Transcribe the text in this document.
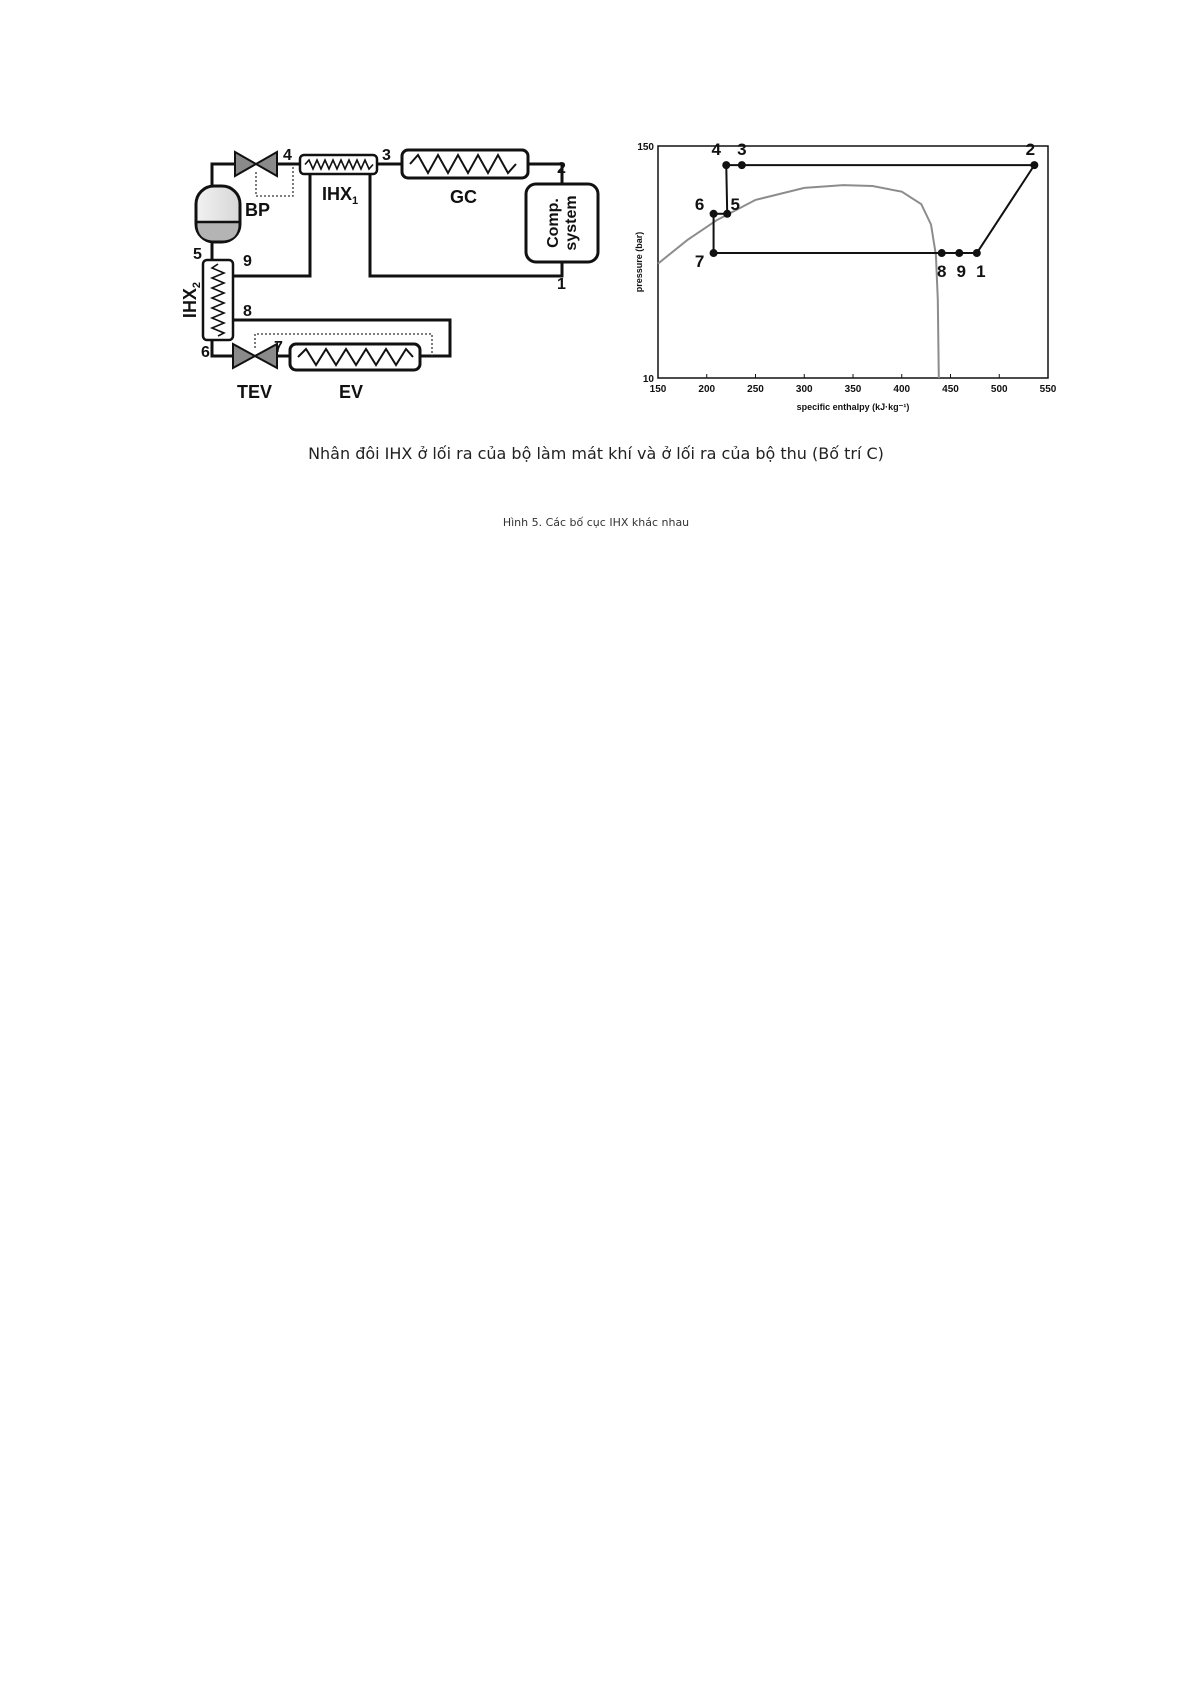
BP
$IHX_1$	GC
Comp. system
$IHX_2$
TEV	EV
1
2
3
4
5
6	7
8
9
1
2
3
4
5
6
7
8 9
150	200	250	300	350	400	450	500	550
10
150
specific enthalpy (kJ·kg⁻¹)
pressure (bar)
Nhân đôi IHX ở lối ra của bộ làm mát khí và ở lối ra của bộ thu (Bố trí C)
Hình 5. Các bố cục IHX khác nhau
